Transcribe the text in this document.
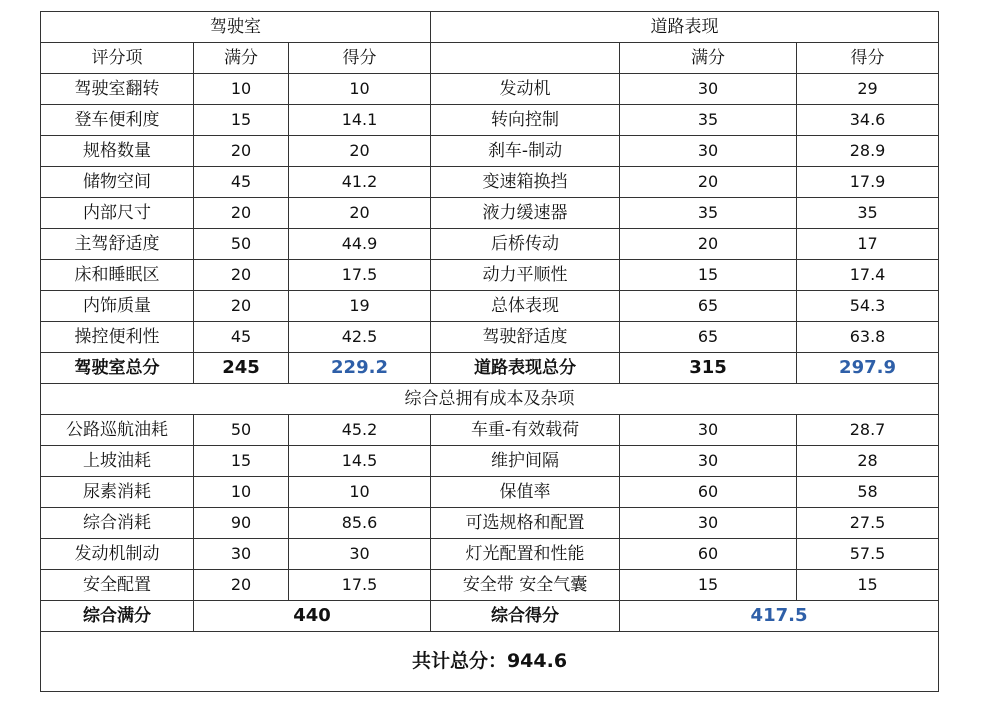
驾驶室			道路表现		
评分项	满分	得分		满分	得分
驾驶室翻转	10	10	发动机	30	29
登车便利度	15	14.1	转向控制	35	34.6
规格数量	20	20	刹车-制动	30	28.9
储物空间	45	41.2	变速箱换挡	20	17.9
内部尺寸	20	20	液力缓速器	35	35
主驾舒适度	50	44.9	后桥传动	20	17
床和睡眠区	20	17.5	动力平顺性	15	17.4
内饰质量	20	19	总体表现	65	54.3
操控便利性	45	42.5	驾驶舒适度	65	63.8
驾驶室总分	245	229.2	道路表现总分	315	297.9
综合总拥有成本及杂项					
公路巡航油耗	50	45.2	车重-有效载荷	30	28.7
上坡油耗	15	14.5	维护间隔	30	28
尿素消耗	10	10	保值率	60	58
综合消耗	90	85.6	可选规格和配置	30	27.5
发动机制动	30	30	灯光配置和性能	60	57.5
安全配置	20	17.5	安全带 安全气囊	15	15
综合满分	440		综合得分	417.5	
共计总分：944.6					
